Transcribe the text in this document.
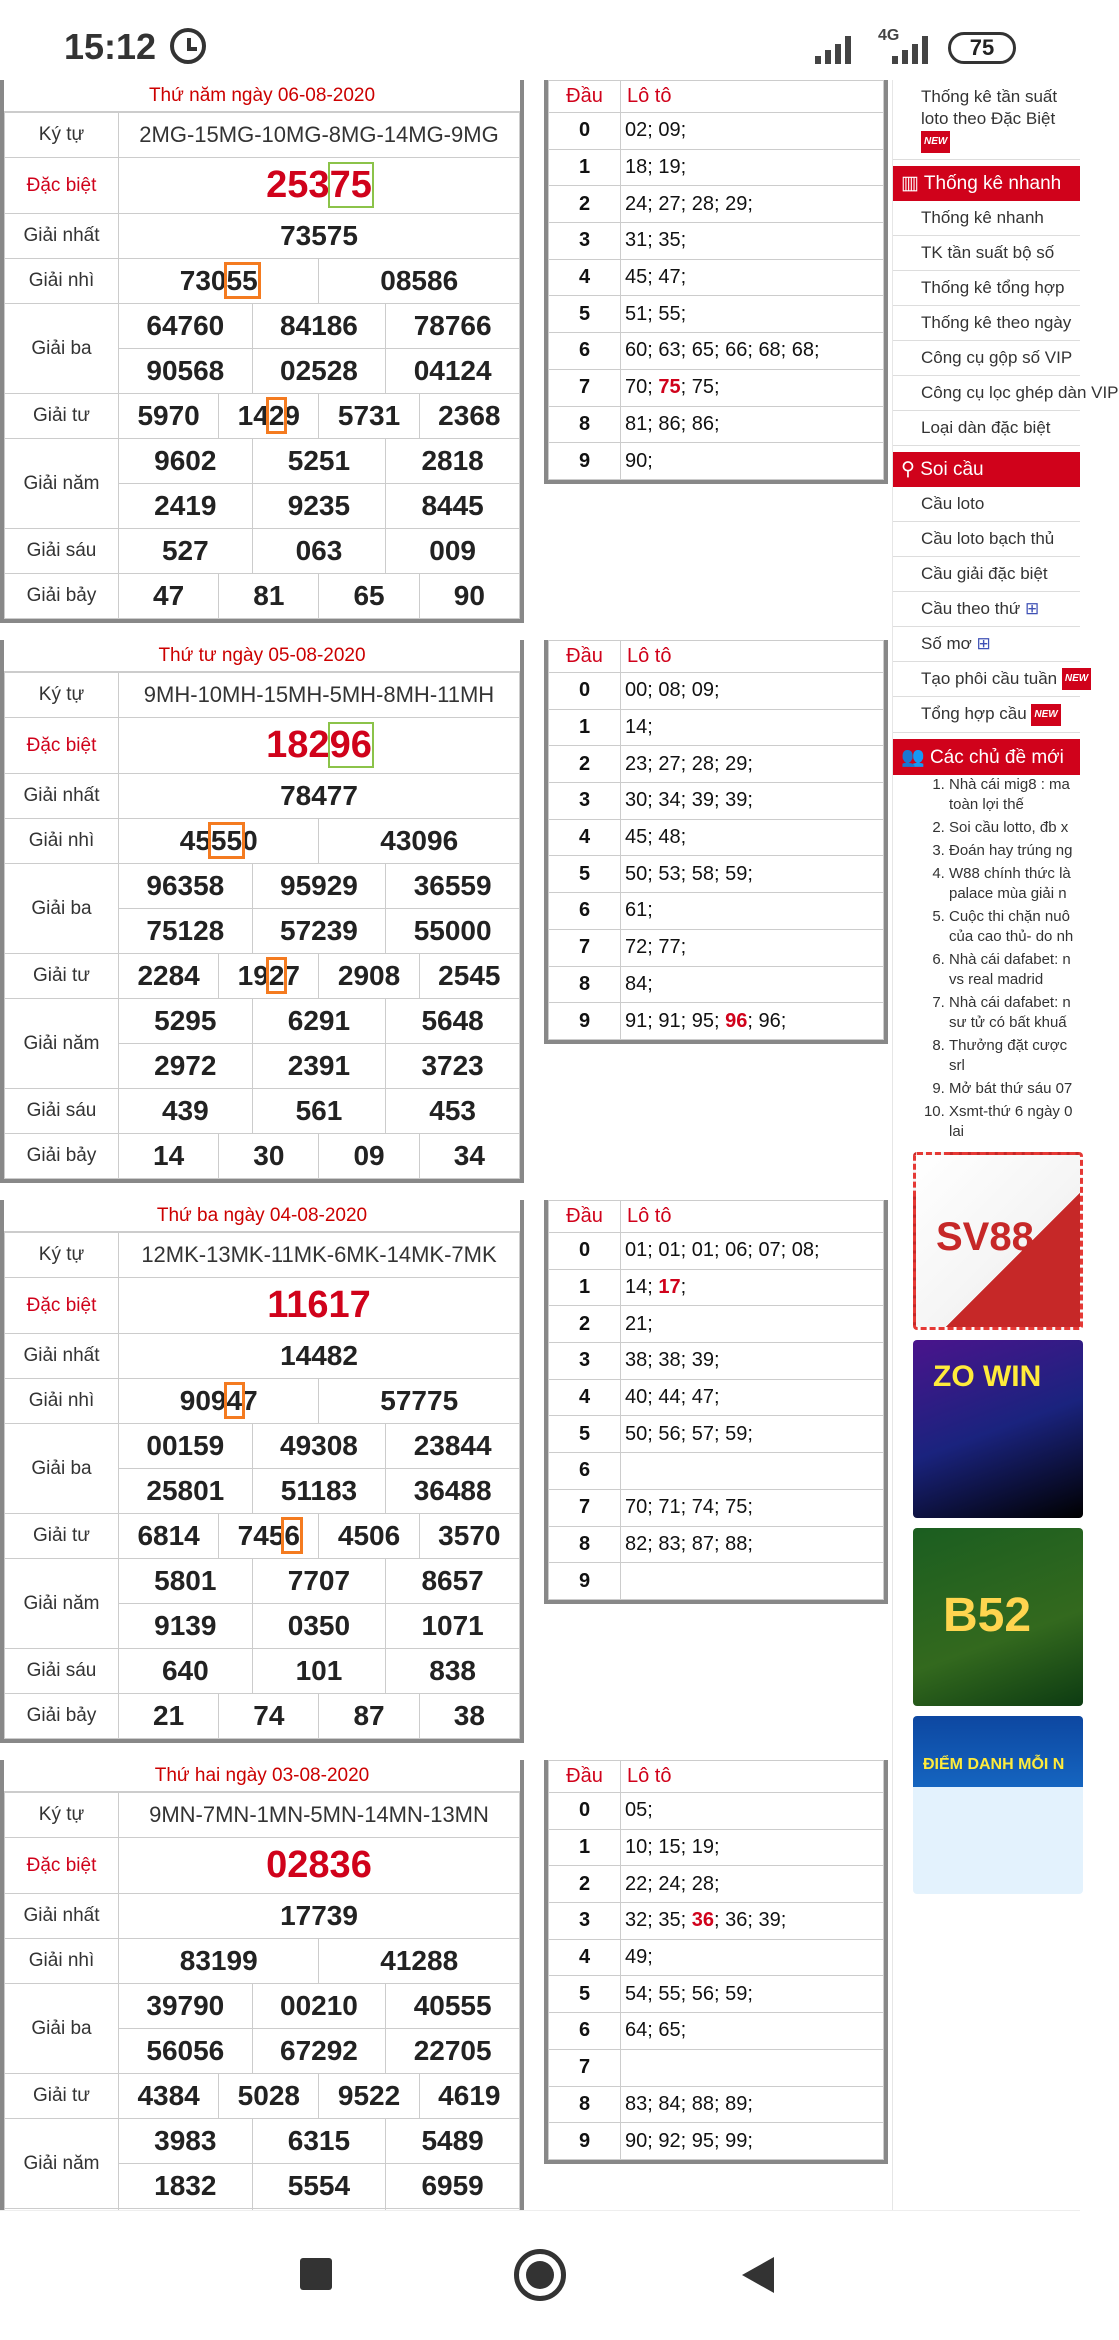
15:12	4G	75
Thứ năm ngày 06-08-2020
Ký tự	2MG-15MG-10MG-8MG-14MG-9MG					
Đặc biệt	25375					
Giải nhất	73575					
Giải nhì	73055			08586		
Giải ba	64760		84186		78766	
	90568		02528		04124	
Giải tư	5970	1429		5731		2368
Giải năm	9602		5251		2818	
	2419		9235		8445	
Giải sáu	527		063		009	
Giải bảy	47	81		65		90
Đầu	Lô tô
0	02; 09;
1	18; 19;
2	24; 27; 28; 29;
3	31; 35;
4	45; 47;
5	51; 55;
6	60; 63; 65; 66; 68; 68;
7	70; 75; 75;
8	81; 86; 86;
9	90;
Thứ tư ngày 05-08-2020
Ký tự	9MH-10MH-15MH-5MH-8MH-11MH					
Đặc biệt	18296					
Giải nhất	78477					
Giải nhì	45550			43096		
Giải ba	96358		95929		36559	
	75128		57239		55000	
Giải tư	2284	1927		2908		2545
Giải năm	5295		6291		5648	
	2972		2391		3723	
Giải sáu	439		561		453	
Giải bảy	14	30		09		34
Đầu	Lô tô
0	00; 08; 09;
1	14;
2	23; 27; 28; 29;
3	30; 34; 39; 39;
4	45; 48;
5	50; 53; 58; 59;
6	61;
7	72; 77;
8	84;
9	91; 91; 95; 96; 96;
Thứ ba ngày 04-08-2020
Ký tự	12MK-13MK-11MK-6MK-14MK-7MK					
Đặc biệt	11617					
Giải nhất	14482					
Giải nhì	90947			57775		
Giải ba	00159		49308		23844	
	25801		51183		36488	
Giải tư	6814	7456		4506		3570
Giải năm	5801		7707		8657	
	9139		0350		1071	
Giải sáu	640		101		838	
Giải bảy	21	74		87		38
Đầu	Lô tô
0	01; 01; 01; 06; 07; 08;
1	14; 17;
2	21;
3	38; 38; 39;
4	40; 44; 47;
5	50; 56; 57; 59;
6	
7	70; 71; 74; 75;
8	82; 83; 87; 88;
9	
Thứ hai ngày 03-08-2020
Ký tự	9MN-7MN-1MN-5MN-14MN-13MN					
Đặc biệt	02836					
Giải nhất	17739					
Giải nhì	83199			41288		
Giải ba	39790		00210		40555	
	56056		67292		22705	
Giải tư	4384	5028		9522		4619
Giải năm	3983		6315		5489	
	1832		5554		6959	

Đầu	Lô tô
0	05;
1	10; 15; 19;
2	22; 24; 28;
3	32; 35; 36; 36; 39;
4	49;
5	54; 55; 56; 59;
6	64; 65;
7	
8	83; 84; 88; 89;
9	90; 92; 95; 99;
Thống kê tần suất loto theo Đặc Biệt NEW
▥ Thống kê nhanh
Thống kê nhanh
TK tần suất bộ số
Thống kê tổng hợp
Thống kê theo ngày
Công cụ gộp số VIP
Công cụ lọc ghép dàn VIP
Loại dàn đặc biệt
⚲ Soi cầu
Cầu loto
Cầu loto bạch thủ
Cầu giải đặc biệt
Cầu theo thứ ⊞
Số mơ ⊞
Tạo phôi cầu tuần NEW
Tổng hợp cầu NEW
👥 Các chủ đề mới
1. Nhà cái mig8 : ma toàn lợi thế
2. Soi cầu lotto, đb x
3. Đoán hay trúng ng
4. W88 chính thức là palace mùa giải n
5. Cuộc thi chặn nuô của cao thủ- do nh
6. Nhà cái dafabet: n vs real madrid
7. Nhà cái dafabet: n sư tử có bất khuấ
8. Thưởng đặt cược srl
9. Mở bát thứ sáu 07
10. Xsmt-thứ 6 ngày 0 lai
SV88
ZO WIN
B52
ĐIỂM DANH MỖI N
